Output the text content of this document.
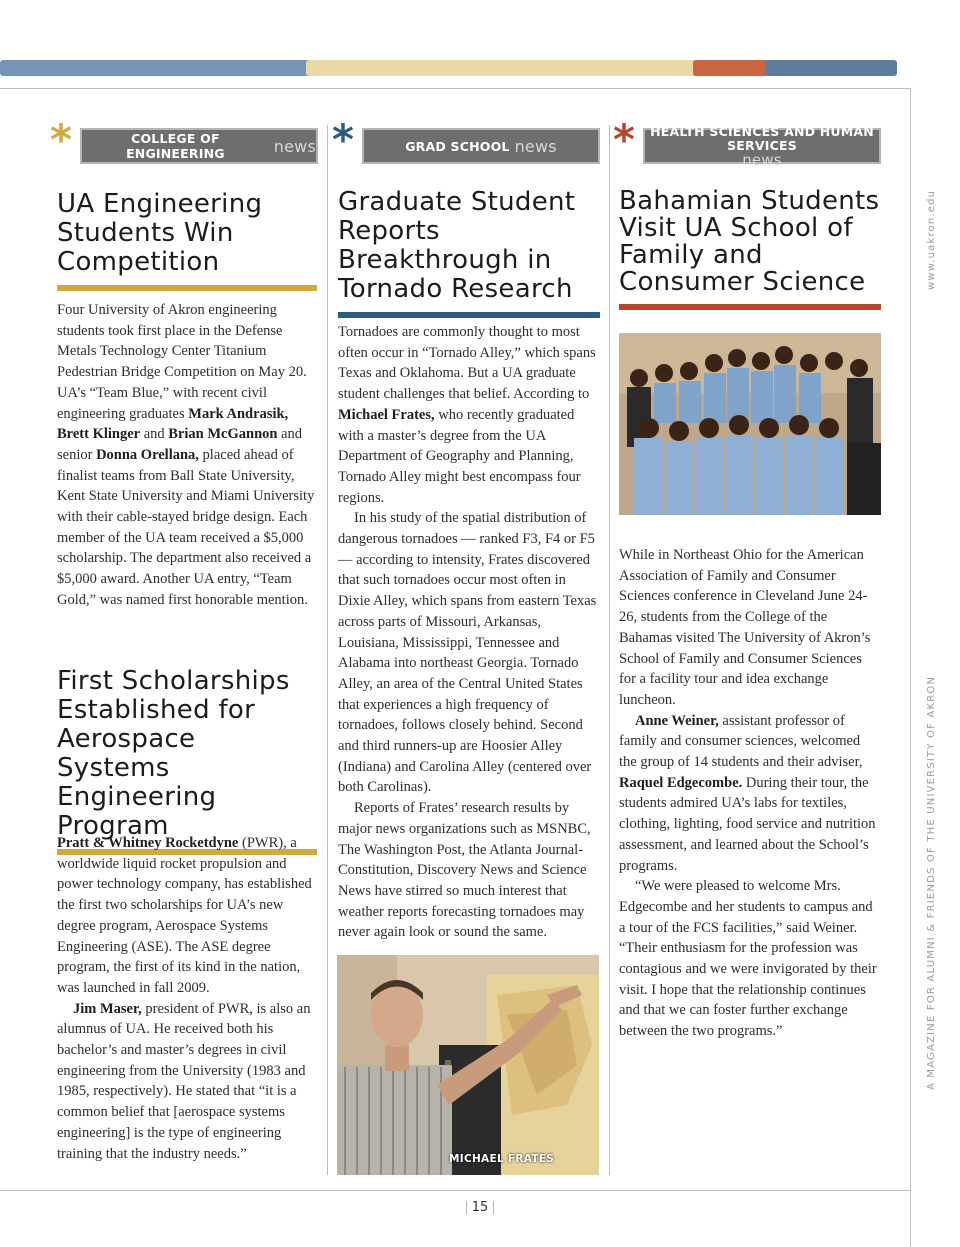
*	COLLEGE OF ENGINEERING	news
UA Engineering Students Win Competition

Four University of Akron engineering students took first place in the Defense Metals Technology Center Titanium Pedestrian Bridge Competition on May 20. UA’s “Team Blue,” with recent civil engineering graduates Mark Andrasik, Brett Klinger and Brian McGannon and senior Donna Orellana, placed ahead of finalist teams from Ball State University, Kent State University and Miami University with their cable-stayed bridge design. Each member of the UA team received a $5,000 scholarship. The department also received a $5,000 award. Another UA entry, “Team Gold,” was named first honorable mention.

First Scholarships Established for Aerospace Systems Engineering Program

Pratt & Whitney Rocketdyne (PWR), a worldwide liquid rocket propulsion and power technology company, has established the first two scholarships for UA’s new degree program, Aerospace Systems Engineering (ASE). The ASE degree program, the first of its kind in the nation, was launched in fall 2009.

Jim Maser, president of PWR, is also an alumnus of UA. He received both his bachelor’s and master’s degrees in civil engineering from the University (1983 and 1985, respectively). He stated that “it is a common belief that [aerospace systems engineering] is the type of engineering training that the industry needs.”

*	GRAD SCHOOL news
Graduate Student Reports Breakthrough in Tornado Research

Tornadoes are commonly thought to most often occur in “Tornado Alley,” which spans Texas and Oklahoma. But a UA graduate student challenges that belief. According to Michael Frates, who recently graduated with a master’s degree from the UA Department of Geography and Planning, Tornado Alley might best encompass four regions.

In his study of the spatial distribution of dangerous tornadoes — ranked F3, F4 or F5 — according to intensity, Frates discovered that such tornadoes occur most often in Dixie Alley, which spans from eastern Texas across parts of Missouri, Arkansas, Louisiana, Mississippi, Tennessee and Alabama into northeast Georgia. Tornado Alley, an area of the Central United States that experiences a high frequency of tornadoes, follows closely behind. Second and third runners-up are Hoosier Alley (Indiana) and Carolina Alley (centered over both Carolinas).

Reports of Frates’ research results by major news organizations such as MSNBC, The Washington Post, the Atlanta Journal-Constitution, Discovery News and Science News have stirred so much interest that weather reports forecasting tornadoes may never again look or sound the same.

MICHAEL FRATES
*	HEALTH SCIENCES AND HUMAN SERVICES
news
Bahamian Students Visit UA School of Family and Consumer Science

While in Northeast Ohio for the American Association of Family and Consumer Sciences conference in Cleveland June 24-26, students from the College of the Bahamas visited The University of Akron’s School of Family and Consumer Sciences for a facility tour and idea exchange luncheon.

Anne Weiner, assistant professor of family and consumer sciences, welcomed the group of 14 students and their adviser, Raquel Edgecombe. During their tour, the students admired UA’s labs for textiles, clothing, lighting, food service and nutrition assessment, and learned about the School’s programs.

“We were pleased to welcome Mrs. Edgecombe and her students to campus and a tour of the FCS facilities,” said Weiner. “Their enthusiasm for the profession was contagious and we were invigorated by their visit. I hope that the relationship continues and that we can foster further exchange between the two programs.”

www.uakron.edu
A MAGAZINE FOR ALUMNI & FRIENDS OF THE UNIVERSITY OF AKRON
| 15 |
